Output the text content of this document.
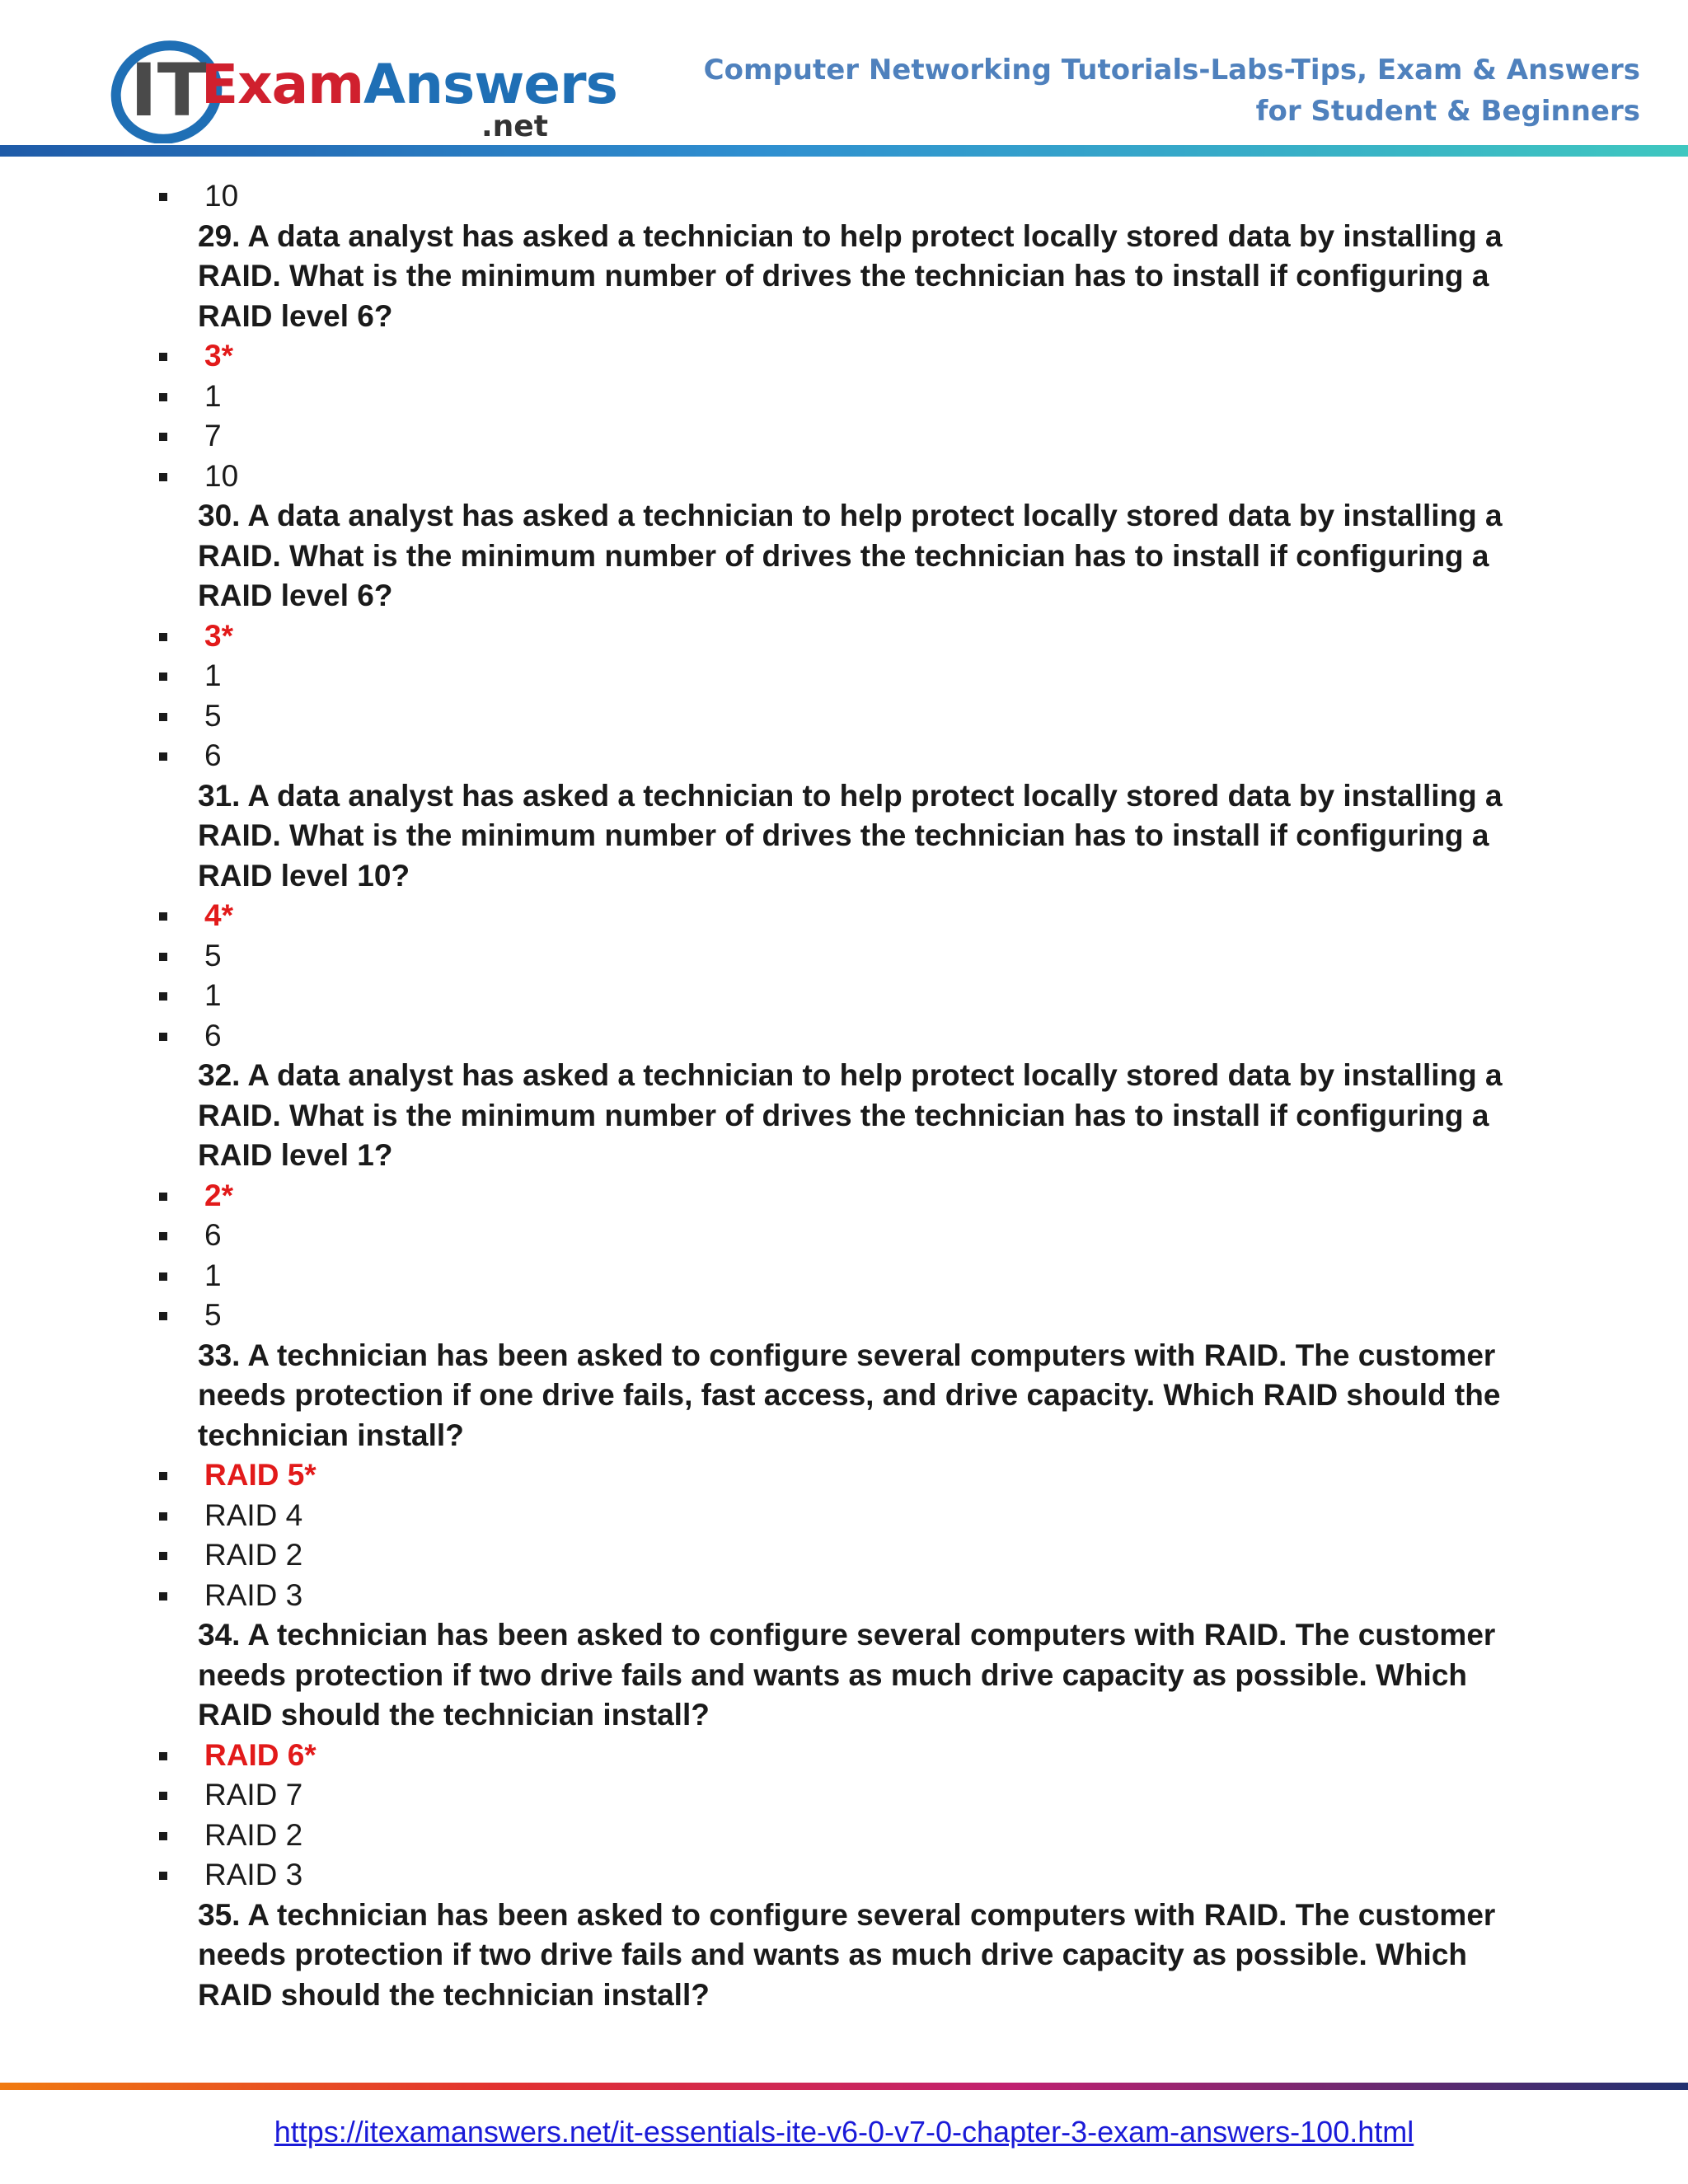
IT
ExamAnswers
.net
Computer Networking Tutorials-Labs-Tips, Exam & Answers
for Student & Beginners
10
29. A data analyst has asked a technician to help protect locally stored data by installing a RAID. What is the minimum number of drives the technician has to install if configuring a RAID level 6?
3*
1
7
10
30. A data analyst has asked a technician to help protect locally stored data by installing a RAID. What is the minimum number of drives the technician has to install if configuring a RAID level 6?
3*
1
5
6
31. A data analyst has asked a technician to help protect locally stored data by installing a RAID. What is the minimum number of drives the technician has to install if configuring a RAID level 10?
4*
5
1
6
32. A data analyst has asked a technician to help protect locally stored data by installing a RAID. What is the minimum number of drives the technician has to install if configuring a RAID level 1?
2*
6
1
5
33. A technician has been asked to configure several computers with RAID. The customer needs protection if one drive fails, fast access, and drive capacity. Which RAID should the technician install?
RAID 5*
RAID 4
RAID 2
RAID 3
34. A technician has been asked to configure several computers with RAID. The customer needs protection if two drive fails and wants as much drive capacity as possible. Which RAID should the technician install?
RAID 6*
RAID 7
RAID 2
RAID 3
35. A technician has been asked to configure several computers with RAID. The customer needs protection if two drive fails and wants as much drive capacity as possible. Which RAID should the technician install?
https://itexamanswers.net/it-essentials-ite-v6-0-v7-0-chapter-3-exam-answers-100.html
